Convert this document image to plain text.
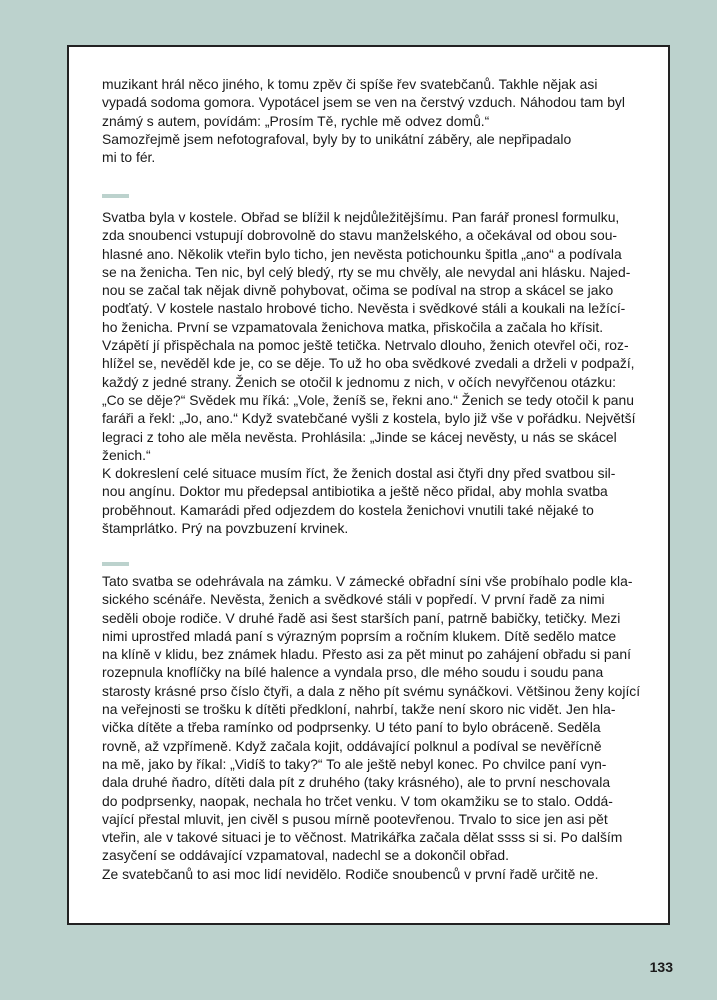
muzikant hrál něco jiného, k tomu zpěv či spíše řev svatebčanů. Takhle nějak asi
vypadá sodoma gomora. Vypotácel jsem se ven na čerstvý vzduch. Náhodou tam byl
známý s autem, povídám: „Prosím Tě, rychle mě odvez domů.“
Samozřejmě jsem nefotografoval, byly by to unikátní záběry, ale nepřipadalo
mi to fér.
Svatba byla v kostele. Obřad se blížil k nejdůležitějšímu. Pan farář pronesl formulku,
zda snoubenci vstupují dobrovolně do stavu manželského, a očekával od obou sou-
hlasné ano. Několik vteřin bylo ticho, jen nevěsta potichounku špitla „ano“ a podívala
se na ženicha. Ten nic, byl celý bledý, rty se mu chvěly, ale nevydal ani hlásku. Najed-
nou se začal tak nějak divně pohybovat, očima se podíval na strop a skácel se jako
podťatý. V kostele nastalo hrobové ticho. Nevěsta i svědkové stáli a koukali na ležící-
ho ženicha. První se vzpamatovala ženichova matka, přiskočila a začala ho křísit.
Vzápětí jí přispěchala na pomoc ještě tetička. Netrvalo dlouho, ženich otevřel oči, roz-
hlížel se, nevěděl kde je, co se děje. To už ho oba svědkové zvedali a drželi v podpaží,
každý z jedné strany. Ženich se otočil k jednomu z nich, v očích nevyřčenou otázku:
„Co se děje?“ Svědek mu říká: „Vole, ženíš se, řekni ano.“ Ženich se tedy otočil k panu
faráři a řekl: „Jo, ano.“ Když svatebčané vyšli z kostela, bylo již vše v pořádku. Největší
legraci z toho ale měla nevěsta. Prohlásila: „Jinde se kácej nevěsty, u nás se skácel
ženich.“
K dokreslení celé situace musím říct, že ženich dostal asi čtyři dny před svatbou sil-
nou angínu. Doktor mu předepsal antibiotika a ještě něco přidal, aby mohla svatba
proběhnout. Kamarádi před odjezdem do kostela ženichovi vnutili také nějaké to
štamprlátko. Prý na povzbuzení krvinek.
Tato svatba se odehrávala na zámku. V zámecké obřadní síni vše probíhalo podle kla-
sického scénáře. Nevěsta, ženich a svědkové stáli v popředí. V první řadě za nimi
seděli oboje rodiče. V druhé řadě asi šest starších paní, patrně babičky, tetičky. Mezi
nimi uprostřed mladá paní s výrazným poprsím a ročním klukem. Dítě sedělo matce
na klíně v klidu, bez známek hladu. Přesto asi za pět minut po zahájení obřadu si paní
rozepnula knoflíčky na bílé halence a vyndala prso, dle mého soudu i soudu pana
starosty krásné prso číslo čtyři, a dala z něho pít svému synáčkovi. Většinou ženy kojící
na veřejnosti se trošku k dítěti předkloní, nahrbí, takže není skoro nic vidět. Jen hla-
vička dítěte a třeba ramínko od podprsenky. U této paní to bylo obráceně. Seděla
rovně, až vzpřímeně. Když začala kojit, oddávající polknul a podíval se nevěřícně
na mě, jako by říkal: „Vidíš to taky?“ To ale ještě nebyl konec. Po chvilce paní vyn-
dala druhé ňadro, dítěti dala pít z druhého (taky krásného), ale to první neschovala
do podprsenky, naopak, nechala ho trčet venku. V tom okamžiku se to stalo. Oddá-
vající přestal mluvit, jen civěl s pusou mírně pootevřenou. Trvalo to sice jen asi pět
vteřin, ale v takové situaci je to věčnost. Matrikářka začala dělat ssss si si. Po dalším
zasyčení se oddávající vzpamatoval, nadechl se a dokončil obřad.
Ze svatebčanů to asi moc lidí nevidělo. Rodiče snoubenců v první řadě určitě ne.
133
